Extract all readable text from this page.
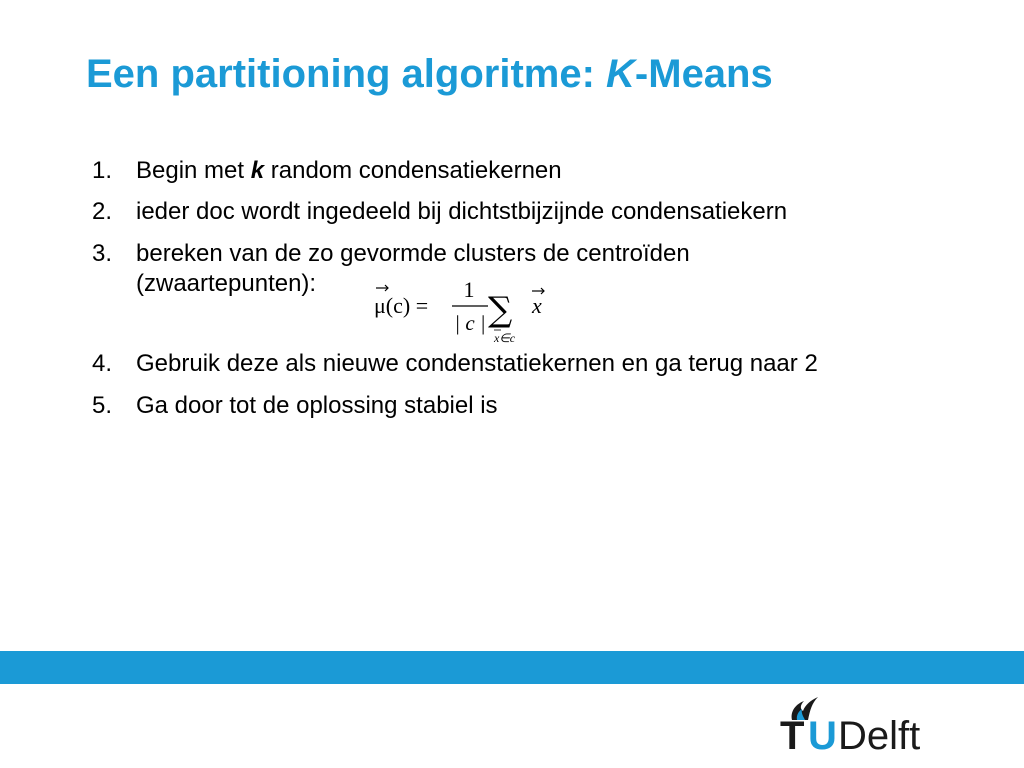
Een partitioning algoritme: K-Means
1. Begin met k random condensatiekernen
2. ieder doc wordt ingedeeld bij dichtstbijzijnde condensatiekern
3. bereken van de zo gevormde clusters de centroïden
(zwaartepunten):
μ(c) =
1
| c | ∑
x∈c
x
4. Gebruik deze als nieuwe condenstatiekernen en ga terug naar 2
5. Ga door tot de oplossing stabiel is
T U Delft
